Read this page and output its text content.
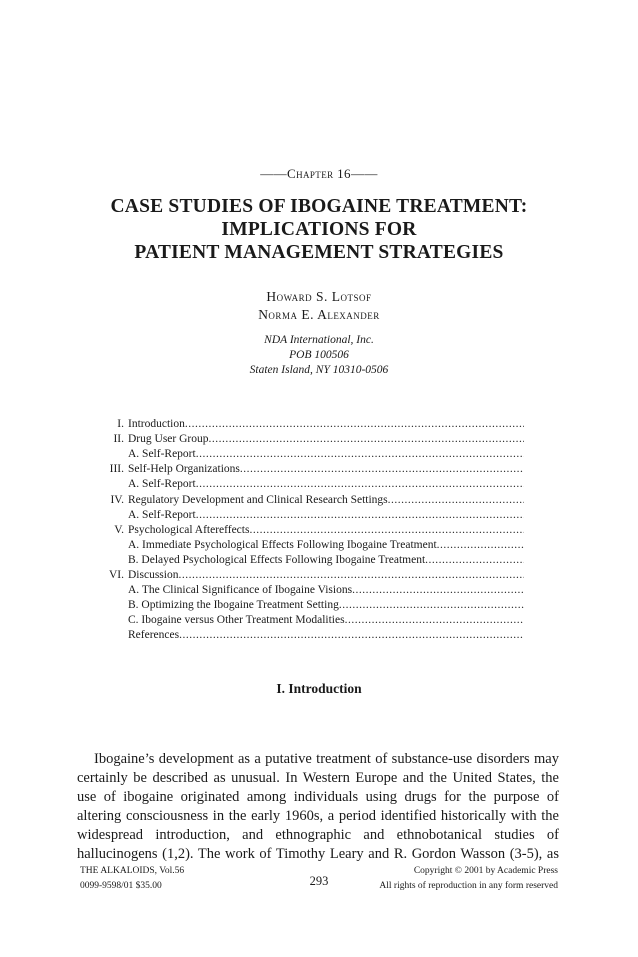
——Chapter 16——
CASE STUDIES OF IBOGAINE TREATMENT:
IMPLICATIONS FOR
PATIENT MANAGEMENT STRATEGIES
Howard S. Lotsof
Norma E. Alexander
NDA International, Inc.
POB 100506
Staten Island, NY 10310-0506
I. Introduction .....
II. Drug User Group .....
A. Self-Report .....
III. Self-Help Organizations .....
A. Self-Report .....
IV. Regulatory Development and Clinical Research Settings .....
A. Self-Report .....
V. Psychological Aftereffects .....
A. Immediate Psychological Effects Following Ibogaine Treatment .....
B. Delayed Psychological Effects Following Ibogaine Treatment .....
VI. Discussion .....
A. The Clinical Significance of Ibogaine Visions .....
B. Optimizing the Ibogaine Treatment Setting .....
C. Ibogaine versus Other Treatment Modalities .....
References .....
I. Introduction
Ibogaine’s development as a putative treatment of substance-use disorders may
certainly be described as unusual. In Western Europe and the United States, the
use of ibogaine originated among individuals using drugs for the purpose of
altering consciousness in the early 1960s, a period identified historically with the
widespread introduction, and ethnographic and ethnobotanical studies of
hallucinogens (1,2). The work of Timothy Leary and R. Gordon Wasson (3-5), as
THE ALKALOIDS, Vol.56
0099-9598/01 $35.00	293
Copyright © 2001 by Academic Press
All rights of reproduction in any form reserved
